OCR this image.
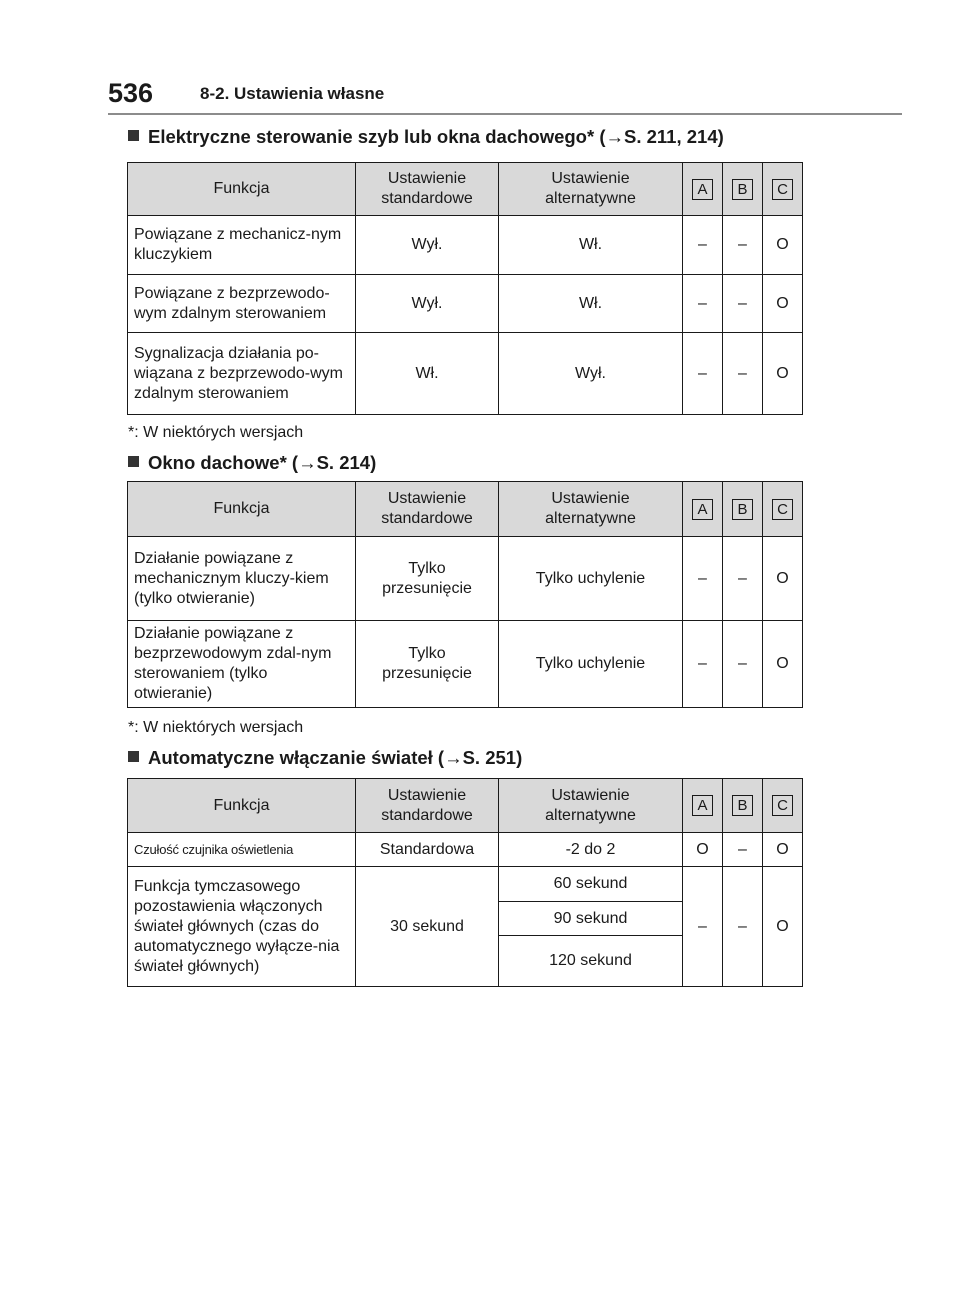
536	8-2. Ustawienia własne
Elektryczne sterowanie szyb lub okna dachowego* (→S. 211, 214)
Funkcja	Ustawienie standardowe	Ustawienie alternatywne	A	B	C
Powiązane z mechanicz-nym kluczykiem	Wył.	Wł.	–	–	O
Powiązane z bezprzewodo-wym zdalnym sterowaniem	Wył.	Wł.	–	–	O
Sygnalizacja działania po-wiązana z bezprzewodo-wym zdalnym sterowaniem	Wł.	Wył.	–	–	O
*: W niektórych wersjach
Okno dachowe* (→S. 214)
Funkcja	Ustawienie standardowe	Ustawienie alternatywne	A	B	C
Działanie powiązane z mechanicznym kluczy-kiem (tylko otwieranie)	Tylko przesunięcie	Tylko uchylenie	–	–	O
Działanie powiązane z bezprzewodowym zdal-nym sterowaniem (tylko otwieranie)	Tylko przesunięcie	Tylko uchylenie	–	–	O
*: W niektórych wersjach
Automatyczne włączanie świateł (→S. 251)
Funkcja	Ustawienie standardowe	Ustawienie alternatywne	A	B	C
Czułość czujnika oświetlenia	Standardowa	-2 do 2	O	–	O
Funkcja tymczasowego pozostawienia włączonych świateł głównych (czas do automatycznego wyłącze-nia świateł głównych)	30 sekund	60 sekund
90 sekund
120 sekund	–	–	O
